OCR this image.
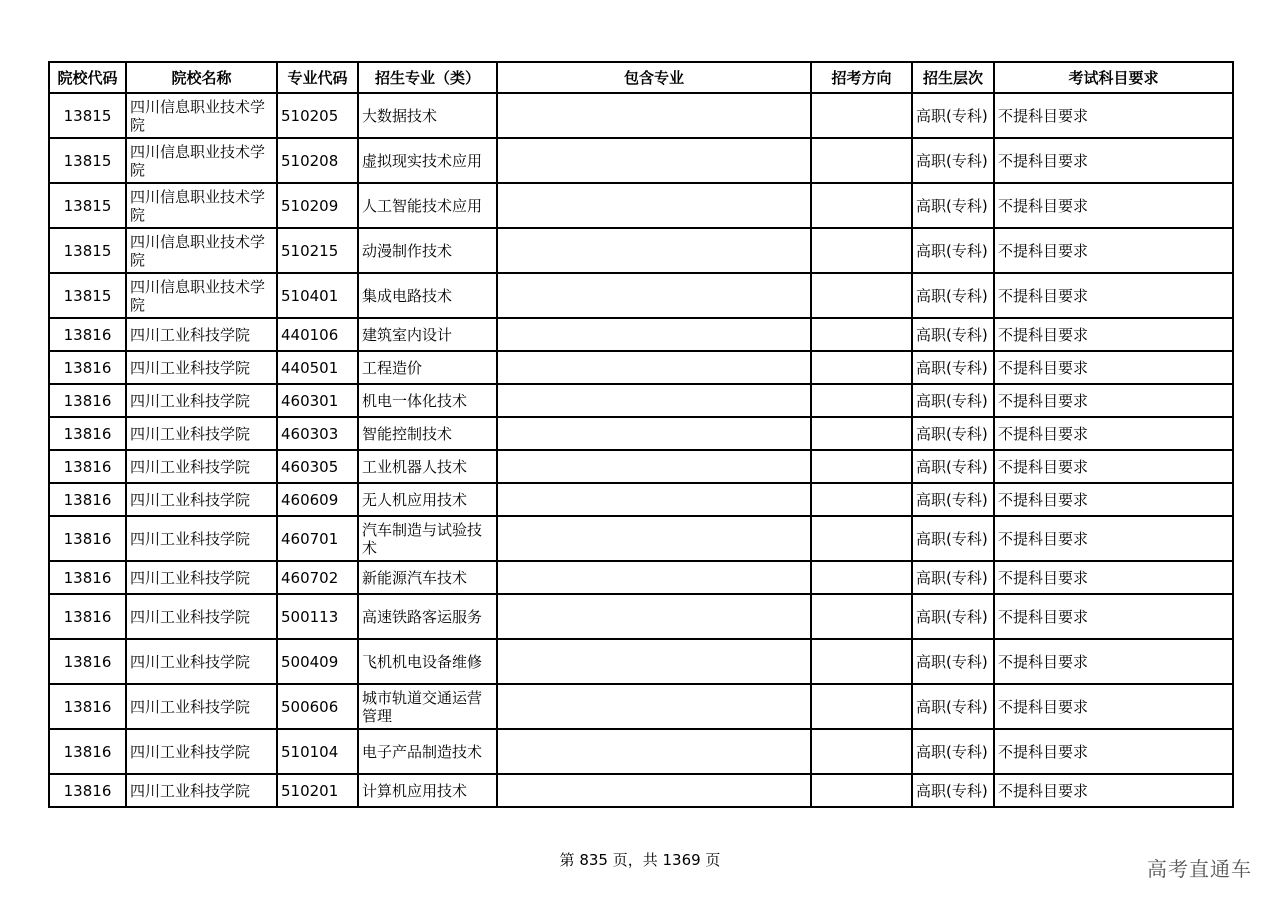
院校代码	院校名称	专业代码	招生专业（类）	包含专业	招考方向	招生层次	考试科目要求
13815	四川信息职业技术学院	510205	大数据技术			高职(专科)	不提科目要求
13815	四川信息职业技术学院	510208	虚拟现实技术应用			高职(专科)	不提科目要求
13815	四川信息职业技术学院	510209	人工智能技术应用			高职(专科)	不提科目要求
13815	四川信息职业技术学院	510215	动漫制作技术			高职(专科)	不提科目要求
13815	四川信息职业技术学院	510401	集成电路技术			高职(专科)	不提科目要求
13816	四川工业科技学院	440106	建筑室内设计			高职(专科)	不提科目要求
13816	四川工业科技学院	440501	工程造价			高职(专科)	不提科目要求
13816	四川工业科技学院	460301	机电一体化技术			高职(专科)	不提科目要求
13816	四川工业科技学院	460303	智能控制技术			高职(专科)	不提科目要求
13816	四川工业科技学院	460305	工业机器人技术			高职(专科)	不提科目要求
13816	四川工业科技学院	460609	无人机应用技术			高职(专科)	不提科目要求
13816	四川工业科技学院	460701	汽车制造与试验技术			高职(专科)	不提科目要求
13816	四川工业科技学院	460702	新能源汽车技术			高职(专科)	不提科目要求
13816	四川工业科技学院	500113	高速铁路客运服务			高职(专科)	不提科目要求
13816	四川工业科技学院	500409	飞机机电设备维修			高职(专科)	不提科目要求
13816	四川工业科技学院	500606	城市轨道交通运营管理			高职(专科)	不提科目要求
13816	四川工业科技学院	510104	电子产品制造技术			高职(专科)	不提科目要求
13816	四川工业科技学院	510201	计算机应用技术			高职(专科)	不提科目要求
第 835 页，共 1369 页	高考直通车
